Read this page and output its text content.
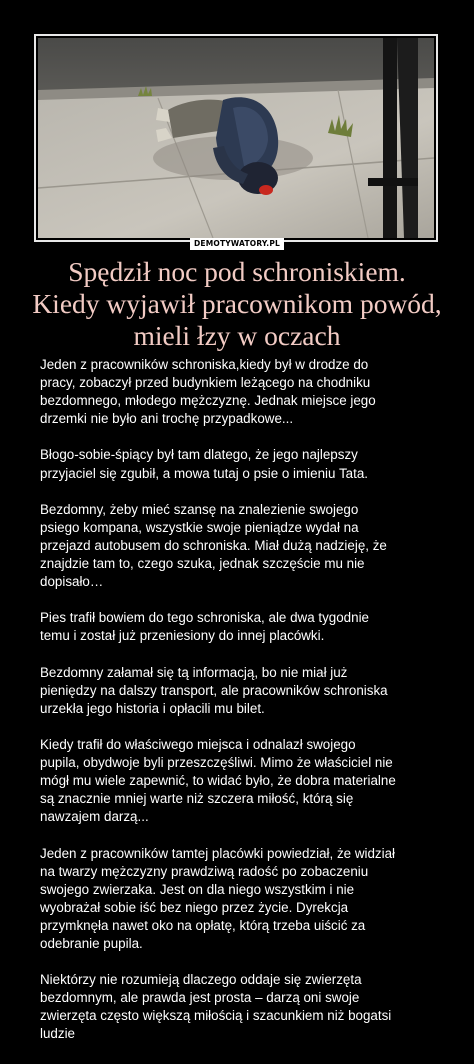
DEMOTYWATORY.PL
Spędził noc pod schroniskiem.
Kiedy wyjawił pracownikom powód,
mieli łzy w oczach

Jeden z pracowników schroniska,kiedy był w drodze do
pracy, zobaczył przed budynkiem leżącego na chodniku
bezdomnego, młodego mężczyznę. Jednak miejsce jego
drzemki nie było ani trochę przypadkowe...

Błogo-sobie-śpiący był tam dlatego, że jego najlepszy
przyjaciel się zgubił, a mowa tutaj o psie o imieniu Tata.

Bezdomny, żeby mieć szansę na znalezienie swojego
psiego kompana, wszystkie swoje pieniądze wydał na
przejazd autobusem do schroniska. Miał dużą nadzieję, że
znajdzie tam to, czego szuka, jednak szczęście mu nie
dopisało…

Pies trafił bowiem do tego schroniska, ale dwa tygodnie
temu i został już przeniesiony do innej placówki.

Bezdomny załamał się tą informacją, bo nie miał już
pieniędzy na dalszy transport, ale pracowników schroniska
urzekła jego historia i opłacili mu bilet.

Kiedy trafił do właściwego miejsca i odnalazł swojego
pupila, obydwoje byli przeszczęśliwi. Mimo że właściciel nie
mógł mu wiele zapewnić, to widać było, że dobra materialne
są znacznie mniej warte niż szczera miłość, którą się
nawzajem darzą...

Jeden z pracowników tamtej placówki powiedział, że widział
na twarzy mężczyzny prawdziwą radość po zobaczeniu
swojego zwierzaka. Jest on dla niego wszystkim i nie
wyobrażał sobie iść bez niego przez życie. Dyrekcja
przymknęła nawet oko na opłatę, którą trzeba uiścić za
odebranie pupila.

Niektórzy nie rozumieją dlaczego oddaje się zwierzęta
bezdomnym, ale prawda jest prosta – darzą oni swoje
zwierzęta często większą miłością i szacunkiem niż bogatsi
ludzie
